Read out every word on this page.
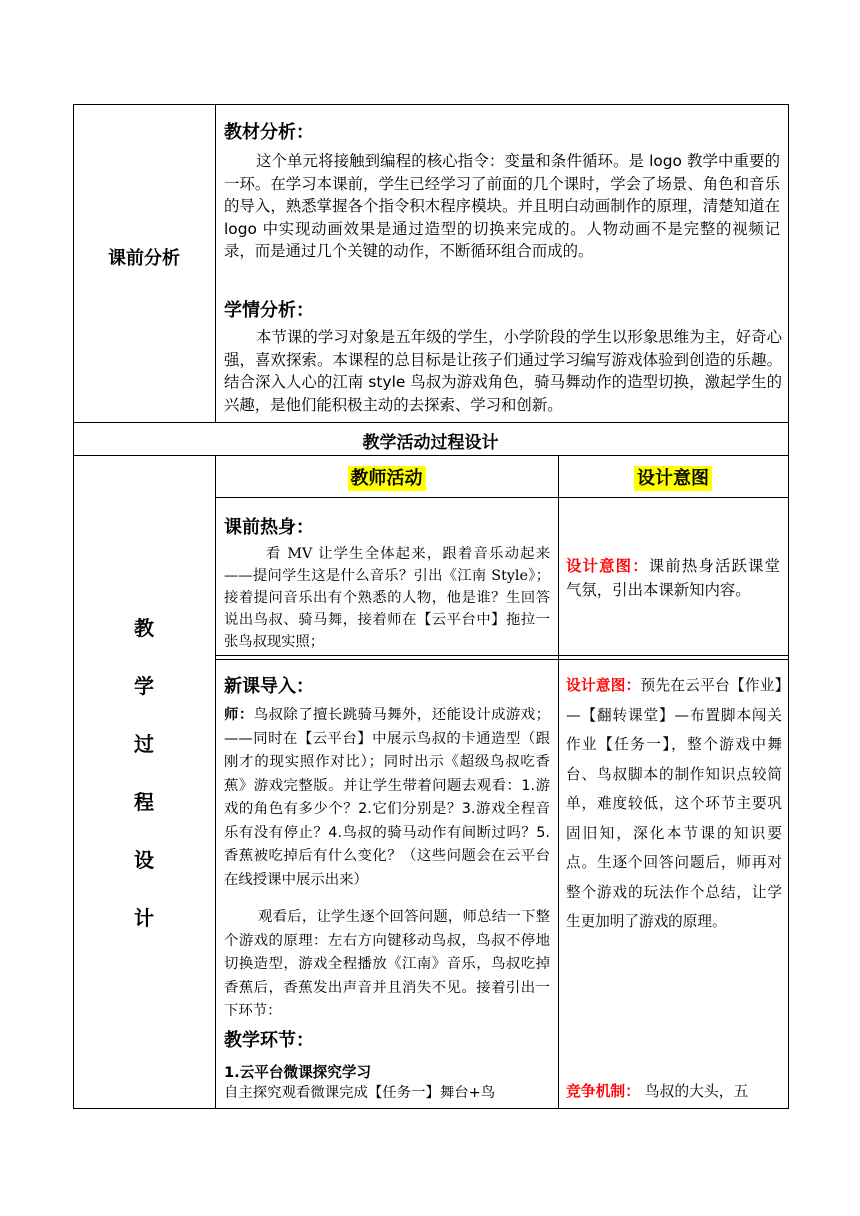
课前分析
教材分析：

这个单元将接触到编程的核心指令：变量和条件循环。是 logo 教学中重要的一环。在学习本课前，学生已经学习了前面的几个课时，学会了场景、角色和音乐的导入，熟悉掌握各个指令积木程序模块。并且明白动画制作的原理，清楚知道在 logo 中实现动画效果是通过造型的切换来完成的。人物动画不是完整的视频记录，而是通过几个关键的动作，不断循环组合而成的。

学情分析：

本节课的学习对象是五年级的学生，小学阶段的学生以形象思维为主，好奇心强，喜欢探索。本课程的总目标是让孩子们通过学习编写游戏体验到创造的乐趣。结合深入人心的江南 style 鸟叔为游戏角色，骑马舞动作的造型切换，激起学生的兴趣，是他们能积极主动的去探索、学习和创新。

教学活动过程设计
教
学
过
程
设
计
教师活动	设计意图
课前热身：

看 MV 让学生全体起来，跟着音乐动起来——提问学生这是什么音乐？引出《江南 Style》；接着提问音乐出有个熟悉的人物，他是谁？生回答说出鸟叔、骑马舞，接着师在【云平台中】拖拉一张鸟叔现实照；

设计意图：课前热身活跃课堂气氛，引出本课新知内容。

新课导入：

师：鸟叔除了擅长跳骑马舞外，还能设计成游戏；——同时在【云平台】中展示鸟叔的卡通造型（跟刚才的现实照作对比）；同时出示《超级鸟叔吃香蕉》游戏完整版。并让学生带着问题去观看：1.游戏的角色有多少个？2.它们分别是？3.游戏全程音乐有没有停止？4.鸟叔的骑马动作有间断过吗？5.香蕉被吃掉后有什么变化？（这些问题会在云平台在线授课中展示出来）

观看后，让学生逐个回答问题，师总结一下整个游戏的原理：左右方向键移动鸟叔，鸟叔不停地切换造型，游戏全程播放《江南》音乐，鸟叔吃掉香蕉后，香蕉发出声音并且消失不见。接着引出一下环节：

设计意图：预先在云平台【作业】—【翻转课堂】—布置脚本闯关作业【任务一】，整个游戏中舞台、鸟叔脚本的制作知识点较简单，难度较低，这个环节主要巩固旧知，深化本节课的知识要点。生逐个回答问题后，师再对整个游戏的玩法作个总结，让学生更加明了游戏的原理。

教学环节：
1.云平台微课探究学习
自主探究观看微课完成【任务一】舞台+鸟	竞争机制： 鸟叔的大头，五
